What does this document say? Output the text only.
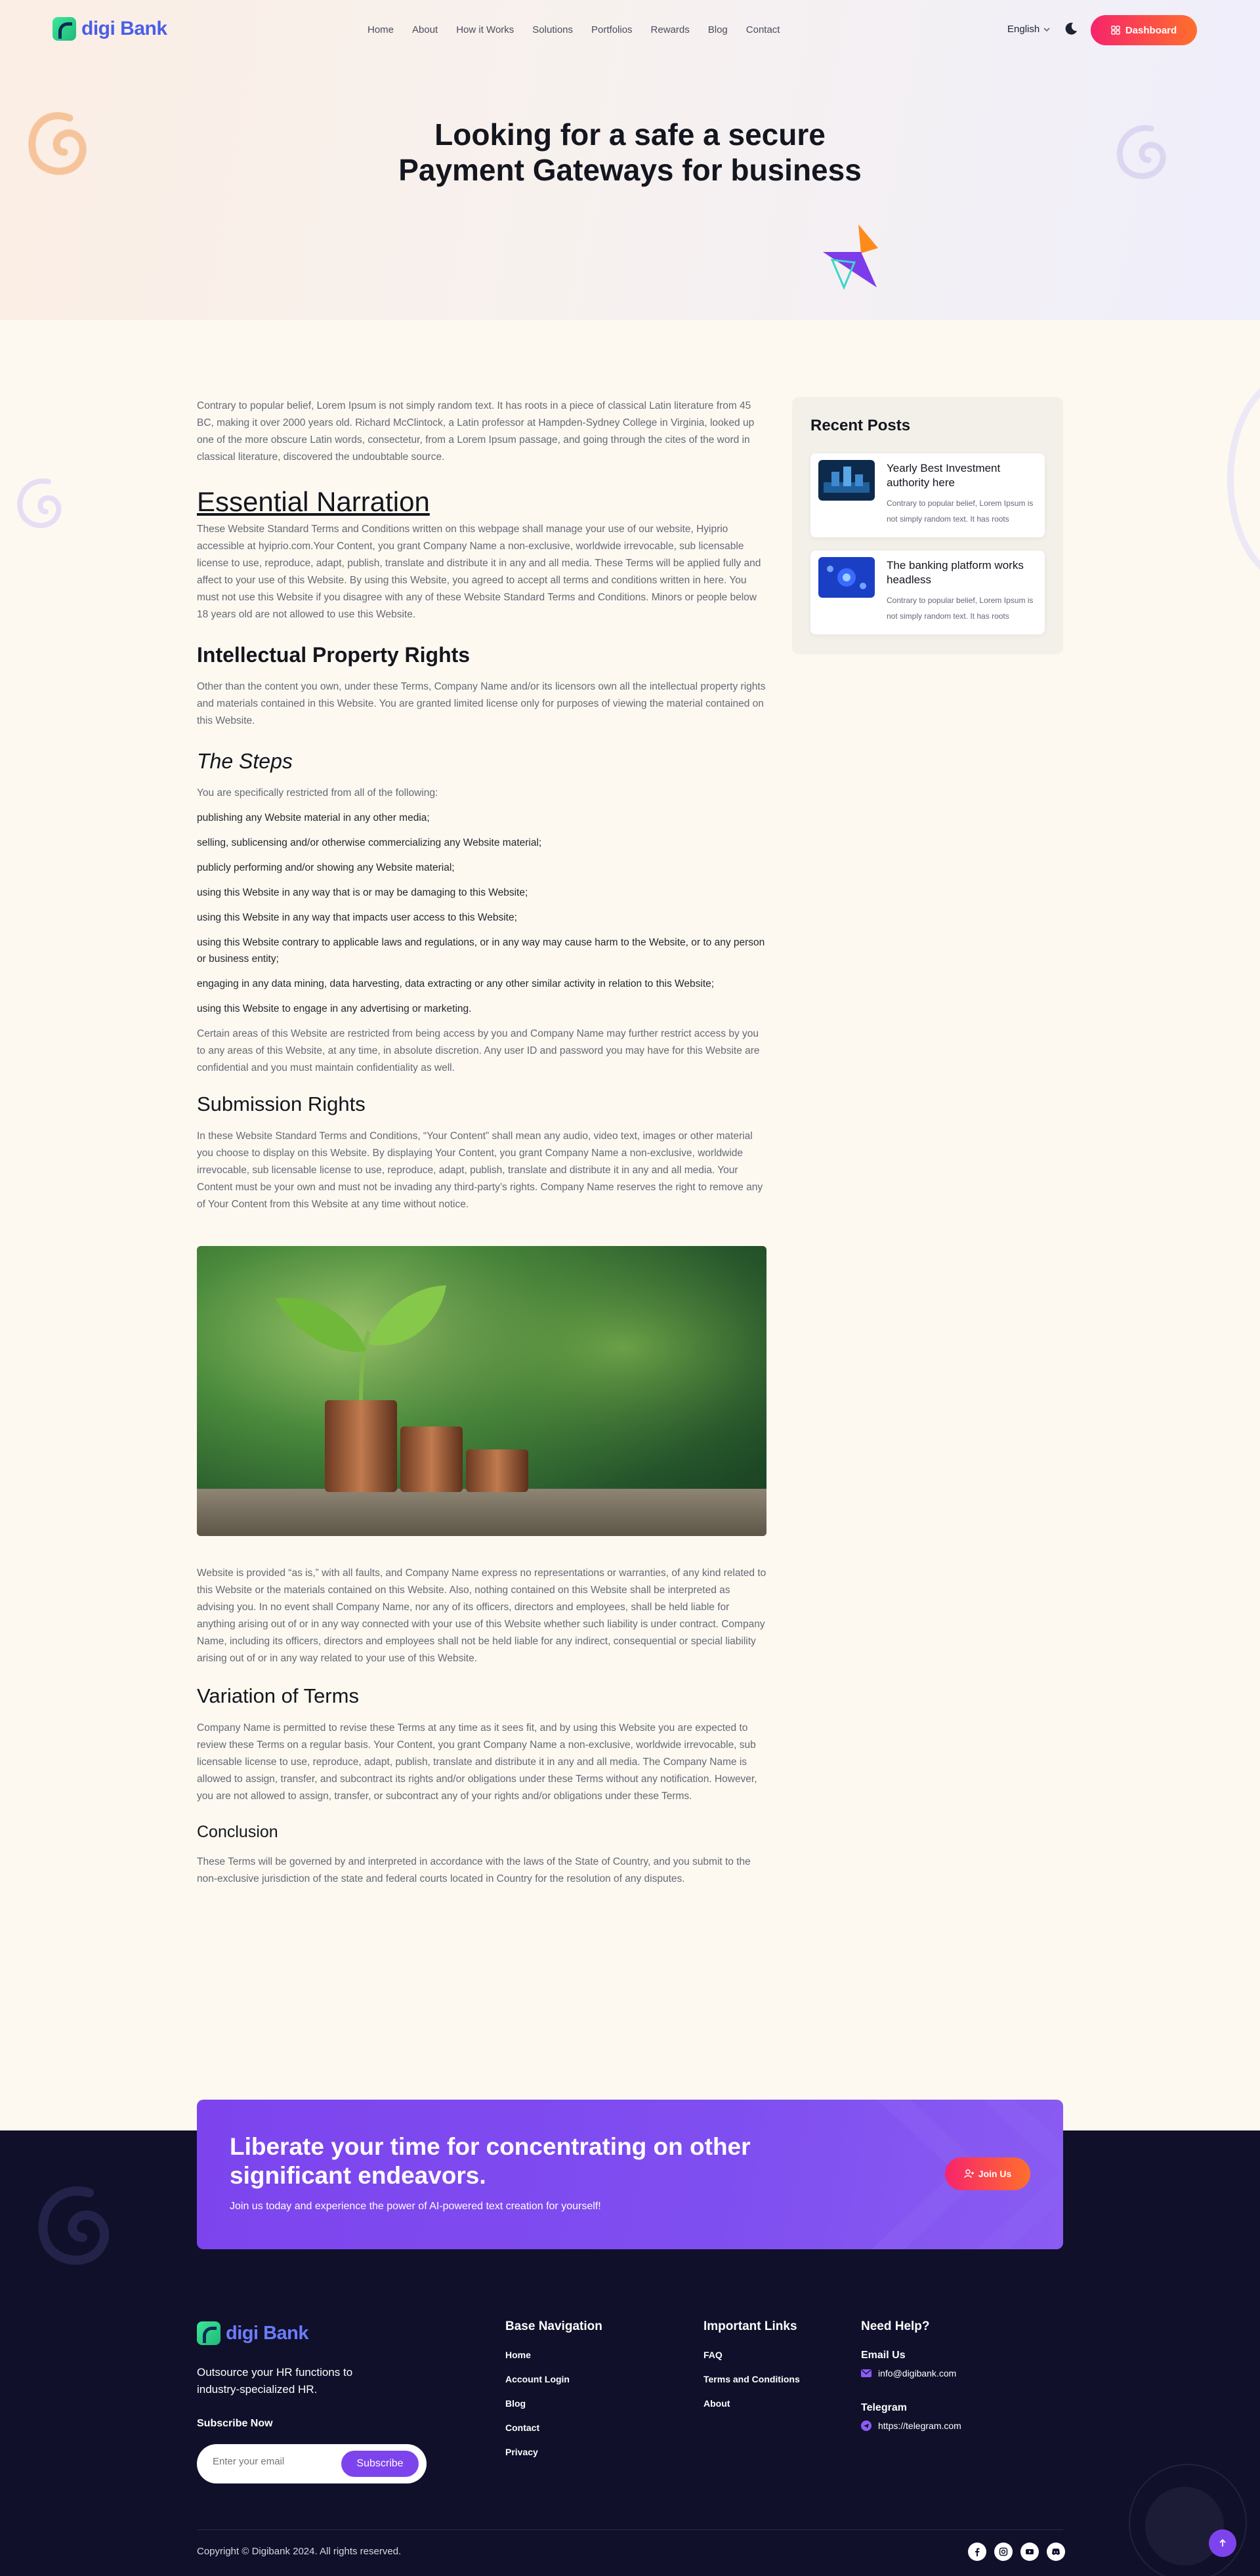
digi Bank	Home About How it Works Solutions Portfolios Rewards Blog Contact	English	Dashboard
Looking for a safe a secure Payment Gateways for business

Contrary to popular belief, Lorem Ipsum is not simply random text. It has roots in a piece of classical Latin literature from 45 BC, making it over 2000 years old. Richard McClintock, a Latin professor at Hampden-Sydney College in Virginia, looked up one of the more obscure Latin words, consectetur, from a Lorem Ipsum passage, and going through the cites of the word in classical literature, discovered the undoubtable source.

Essential Narration

These Website Standard Terms and Conditions written on this webpage shall manage your use of our website, Hyiprio accessible at hyiprio.com.Your Content, you grant Company Name a non-exclusive, worldwide irrevocable, sub licensable license to use, reproduce, adapt, publish, translate and distribute it in any and all media. These Terms will be applied fully and affect to your use of this Website. By using this Website, you agreed to accept all terms and conditions written in here. You must not use this Website if you disagree with any of these Website Standard Terms and Conditions. Minors or people below 18 years old are not allowed to use this Website.

Intellectual Property Rights

Other than the content you own, under these Terms, Company Name and/or its licensors own all the intellectual property rights and materials contained in this Website. You are granted limited license only for purposes of viewing the material contained on this Website.

The Steps

You are specifically restricted from all of the following:

publishing any Website material in any other media;
selling, sublicensing and/or otherwise commercializing any Website material;
publicly performing and/or showing any Website material;
using this Website in any way that is or may be damaging to this Website;
using this Website in any way that impacts user access to this Website;
using this Website contrary to applicable laws and regulations, or in any way may cause harm to the Website, or to any person or business entity;
engaging in any data mining, data harvesting, data extracting or any other similar activity in relation to this Website;
using this Website to engage in any advertising or marketing.

Certain areas of this Website are restricted from being access by you and Company Name may further restrict access by you to any areas of this Website, at any time, in absolute discretion. Any user ID and password you may have for this Website are confidential and you must maintain confidentiality as well.

Submission Rights

In these Website Standard Terms and Conditions, “Your Content” shall mean any audio, video text, images or other material you choose to display on this Website. By displaying Your Content, you grant Company Name a non-exclusive, worldwide irrevocable, sub licensable license to use, reproduce, adapt, publish, translate and distribute it in any and all media. Your Content must be your own and must not be invading any third-party’s rights. Company Name reserves the right to remove any of Your Content from this Website at any time without notice.

Website is provided “as is,” with all faults, and Company Name express no representations or warranties, of any kind related to this Website or the materials contained on this Website. Also, nothing contained on this Website shall be interpreted as advising you. In no event shall Company Name, nor any of its officers, directors and employees, shall be held liable for anything arising out of or in any way connected with your use of this Website whether such liability is under contract. Company Name, including its officers, directors and employees shall not be held liable for any indirect, consequential or special liability arising out of or in any way related to your use of this Website.

Variation of Terms

Company Name is permitted to revise these Terms at any time as it sees fit, and by using this Website you are expected to review these Terms on a regular basis. Your Content, you grant Company Name a non-exclusive, worldwide irrevocable, sub licensable license to use, reproduce, adapt, publish, translate and distribute it in any and all media. The Company Name is allowed to assign, transfer, and subcontract its rights and/or obligations under these Terms without any notification. However, you are not allowed to assign, transfer, or subcontract any of your rights and/or obligations under these Terms.

Conclusion

These Terms will be governed by and interpreted in accordance with the laws of the State of Country, and you submit to the non-exclusive jurisdiction of the state and federal courts located in Country for the resolution of any disputes.

Recent Posts
Yearly Best Investment authority here
Contrary to popular belief, Lorem Ipsum is not simply random text. It has roots
The banking platform works headless
Contrary to popular belief, Lorem Ipsum is not simply random text. It has roots
Liberate your time for concentrating on other significant endeavors.

Join us today and experience the power of AI-powered text creation for yourself!

Join Us
digi Bank

Outsource your HR functions to industry-specialized HR.

Subscribe Now
Enter your email
Subscribe
Base Navigation
Home
Account Login
Blog
Contact
Privacy
Important Links
FAQ
Terms and Conditions
About
Need Help?
Email Us
info@digibank.com
Telegram
https://telegram.com
Copyright © Digibank 2024. All rights reserved.
